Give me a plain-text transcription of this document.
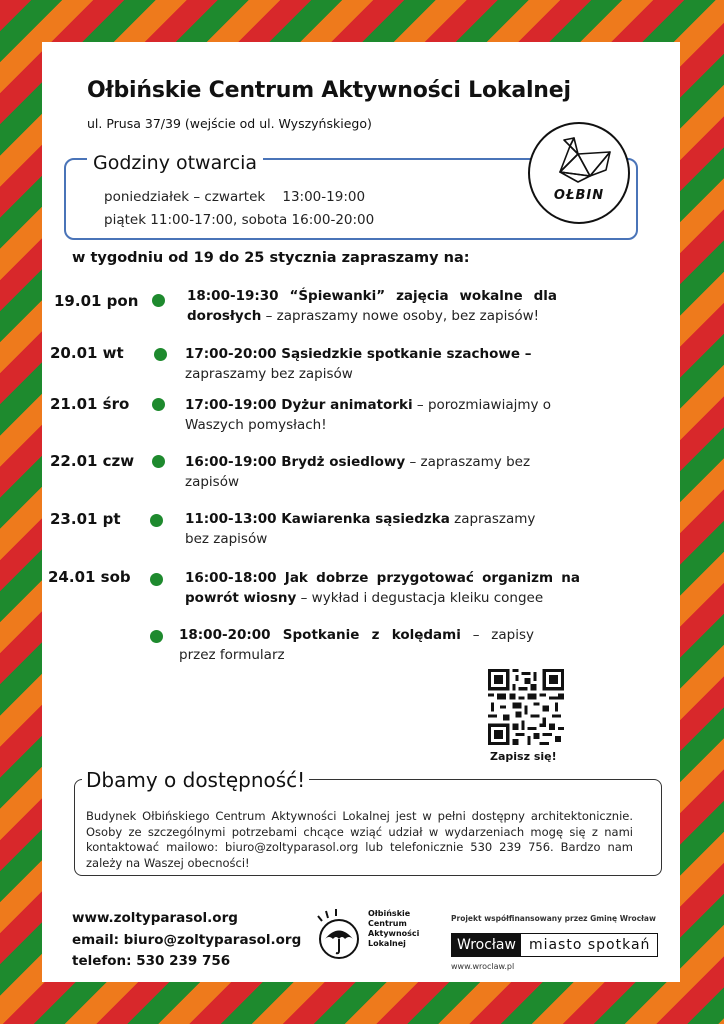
Ołbińskie Centrum Aktywności Lokalnej
ul. Prusa 37/39 (wejście od ul. Wyszyńskiego)
Godziny otwarcia
poniedziałek – czwartek    13:00-19:00
piątek 11:00-17:00, sobota 16:00-20:00
OŁBIN
w tygodniu od 19 do 25 stycznia zapraszamy na:
19.01 pon	18:00-19:30 “Śpiewanki” zajęcia wokalne dla dorosłych – zapraszamy nowe osoby, bez zapisów!
20.01 wt	17:00-20:00 Sąsiedzkie spotkanie szachowe –
zapraszamy bez zapisów
21.01 śro	17:00-19:00 Dyżur animatorki – porozmiawiajmy o Waszych pomysłach!
22.01 czw	16:00-19:00 Brydż osiedlowy – zapraszamy bez zapisów
23.01 pt	11:00-13:00 Kawiarenka sąsiedzka zapraszamy bez zapisów
24.01 sob	16:00-18:00 Jak dobrze przygotować organizm na powrót wiosny – wykład i degustacja kleiku congee
18:00-20:00 Spotkanie z kolędami – zapisy przez formularz
Zapisz się!
Dbamy o dostępność!
Budynek Ołbińskiego Centrum Aktywności Lokalnej jest w pełni dostępny architektonicznie. Osoby ze szczególnymi potrzebami chcące wziąć udział w wydarzeniach mogę się z nami kontaktować mailowo: biuro@zoltyparasol.org lub telefonicznie 530 239 756. Bardzo nam zależy na Waszej obecności!
www.zoltyparasol.org
email: biuro@zoltyparasol.org
telefon: 530 239 756
Ołbińskie
Centrum
Aktywności
Lokalnej
Projekt współfinansowany przez Gminę Wrocław
Wrocław miasto spotkań
www.wroclaw.pl
